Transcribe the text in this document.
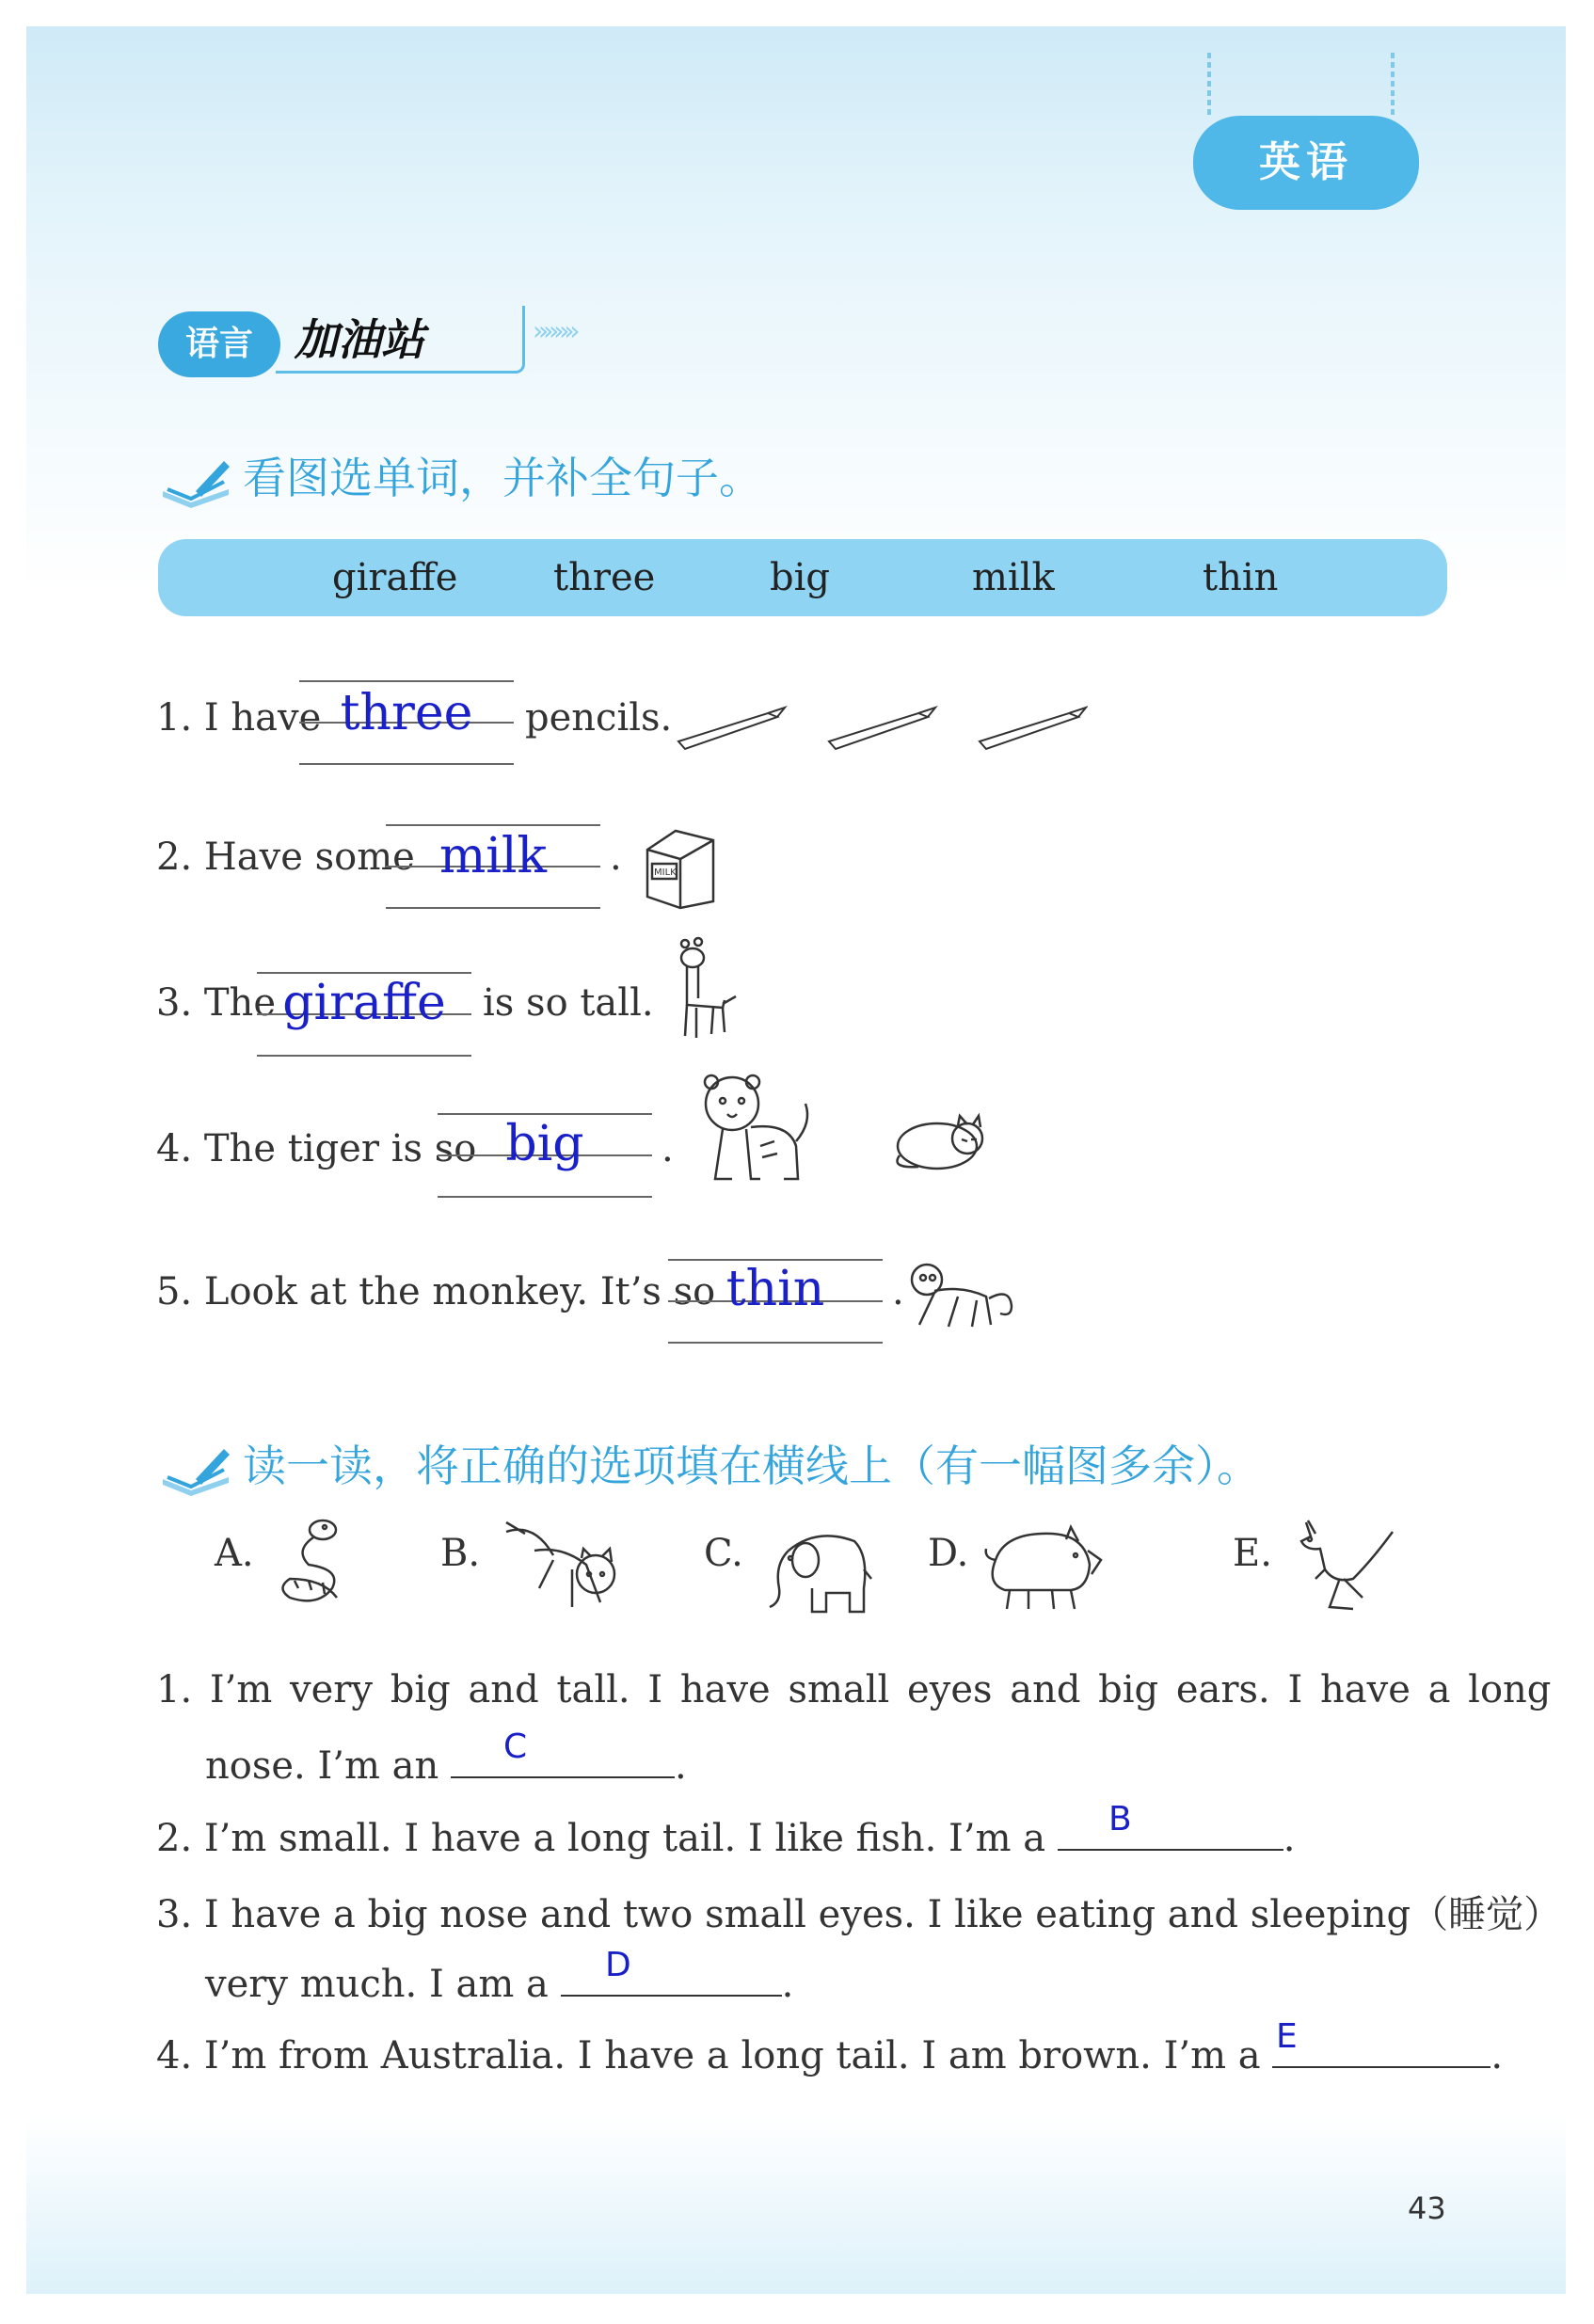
英语
语言 加油站	»»»»
看图选单词，并补全句子。
giraffe	three	big	milk	thin
1. I have three	pencils.
2. Have some milk	.	MILK
3. The giraffe is so tall.
4. The tiger is so big	.
5. Look at the monkey. It’s so thin	.
读一读，将正确的选项填在横线上（有一幅图多余）。
A.	B.	C.	D.	E.
1. I’m very big and tall. I have small eyes and big ears. I have a long
nose. I’m an	.
C
2. I’m small. I have a long tail. I like fish. I’m a	.
B
3. I have a big nose and two small eyes. I like eating and sleeping（睡觉）
very much. I am a	.
D
4. I’m from Australia. I have a long tail. I am brown. I’m a	.
E
43
